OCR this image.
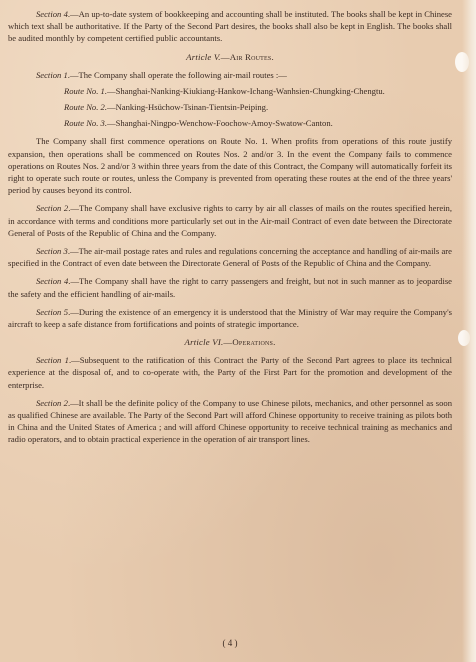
Section 4.—An up-to-date system of bookkeeping and accounting shall be instituted. The books shall be kept in Chinese which text shall be authoritative. If the Party of the Second Part desires, the books shall also be kept in English. The books shall be audited monthly by competent certified public accountants.

Article V.—Air Routes.

Section 1.—The Company shall operate the following air-mail routes :—

Route No. 1. —Shanghai-Nanking-Kiukiang-Hankow-Ichang-Wanhsien-Chungking-Chengtu.
Route No. 2. —Nanking-Hsüchow-Tsinan-Tientsin-Peiping.
Route No. 3. —Shanghai-Ningpo-Wenchow-Foochow-Amoy-Swatow-Canton.

The Company shall first commence operations on Route No. 1. When profits from operations of this route justify expansion, then operations shall be commenced on Routes Nos. 2 and/or 3. In the event the Company fails to commence operations on Routes Nos. 2 and/or 3 within three years from the date of this Contract, the Company will automatically forfeit its right to operate such route or routes, unless the Company is prevented from operating these routes at the end of the three years' period by causes beyond its control.

Section 2.—The Company shall have exclusive rights to carry by air all classes of mails on the routes specified herein, in accordance with terms and conditions more particularly set out in the Air-mail Contract of even date between the Directorate General of Posts of the Republic of China and the Company.

Section 3.—The air-mail postage rates and rules and regulations concerning the acceptance and handling of air-mails are specified in the Contract of even date between the Directorate General of Posts of the Republic of China and the Company.

Section 4.—The Company shall have the right to carry passengers and freight, but not in such manner as to jeopardise the safety and the efficient handling of air-mails.

Section 5.—During the existence of an emergency it is understood that the Ministry of War may require the Company's aircraft to keep a safe distance from fortifications and points of strategic importance.

Article VI.—Operations.

Section 1.—Subsequent to the ratification of this Contract the Party of the Second Part agrees to place its technical experience at the disposal of, and to co-operate with, the Party of the First Part for the promotion and development of the enterprise.

Section 2.—It shall be the definite policy of the Company to use Chinese pilots, mechanics, and other personnel as soon as qualified Chinese are available. The Party of the Second Part will afford Chinese opportunity to receive training as pilots both in China and the United States of America ; and will afford Chinese opportunity to receive technical training as mechanics and radio operators, and to obtain practical experience in the operation of air transport lines.

( 4 )
